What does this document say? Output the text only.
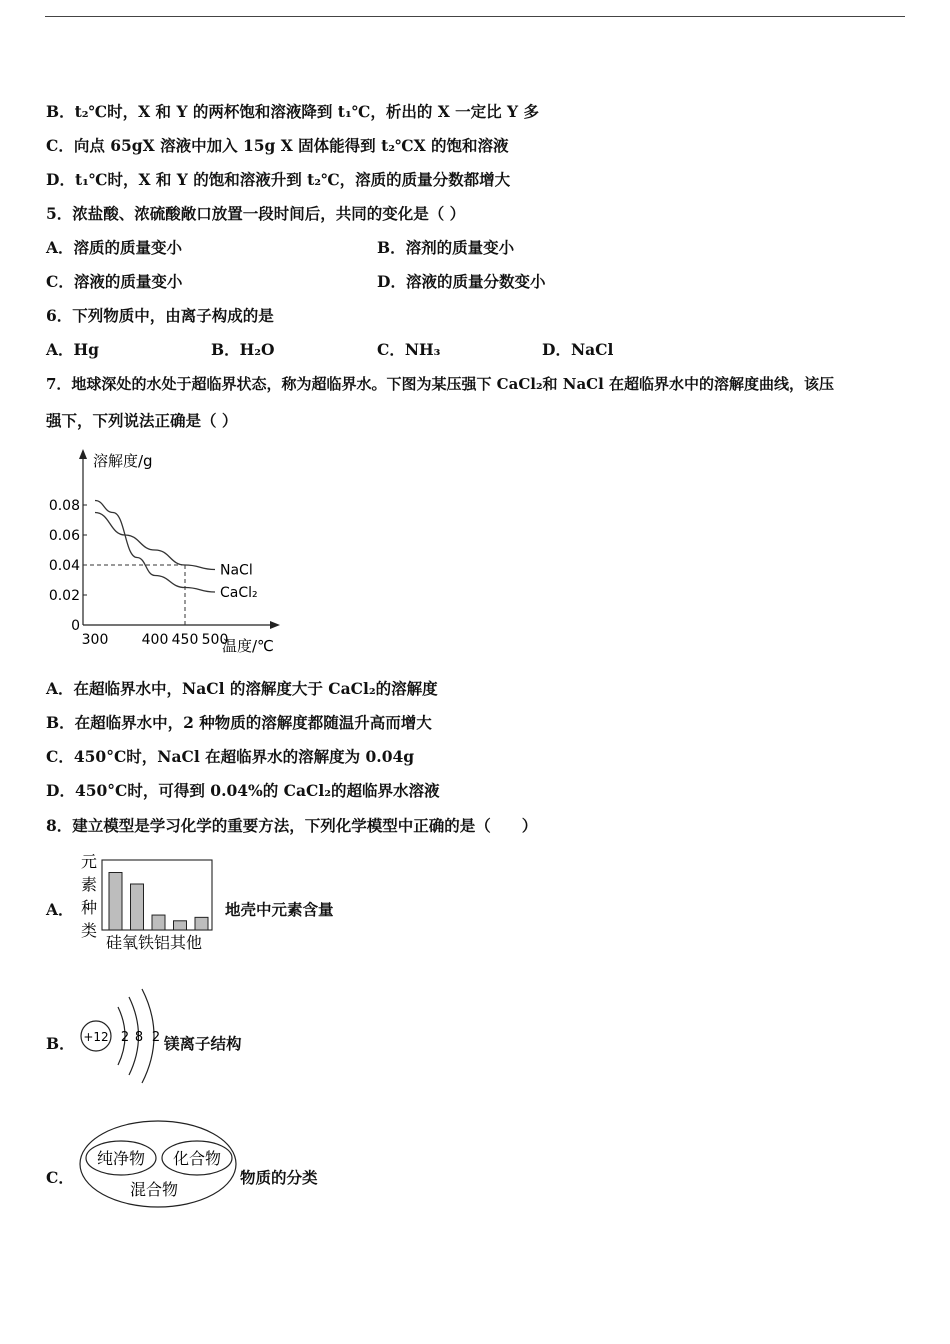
B．t₂℃时，X 和 Y 的两杯饱和溶液降到 t₁℃，析出的 X 一定比 Y 多
C．向点 65gX 溶液中加入 15g X 固体能得到 t₂℃X 的饱和溶液
D．t₁℃时，X 和 Y 的饱和溶液升到 t₂℃，溶质的质量分数都增大
5．浓盐酸、浓硫酸敞口放置一段时间后，共同的变化是（ ）
A．溶质的质量变小	B．溶剂的质量变小
C．溶液的质量变小	D．溶液的质量分数变小
6．下列物质中，由离子构成的是
A．Hg	B．H₂O	C．NH₃	D．NaCl
7．地球深处的水处于超临界状态，称为超临界水。下图为某压强下 CaCl₂和 NaCl 在超临界水中的溶解度曲线，该压
强下，下列说法正确是（ ）
溶解度/g
温度/℃
0
0.02
0.04
0.06
0.08
300 400 450 500
NaCl
CaCl₂
A．在超临界水中，NaCl 的溶解度大于 CaCl₂的溶解度
B．在超临界水中，2 种物质的溶解度都随温升高而增大
C．450°C时，NaCl 在超临界水的溶解度为 0.04g
D．450°C时，可得到 0.04%的 CaCl₂的超临界水溶液
8．建立模型是学习化学的重要方法，下列化学模型中正确的是（　　）
A．
元
素
种
类
硅氧铁铝其他
地壳中元素含量
B． +12 2 8 2 镁离子结构
C．
纯净物 化合物
混合物
物质的分类
